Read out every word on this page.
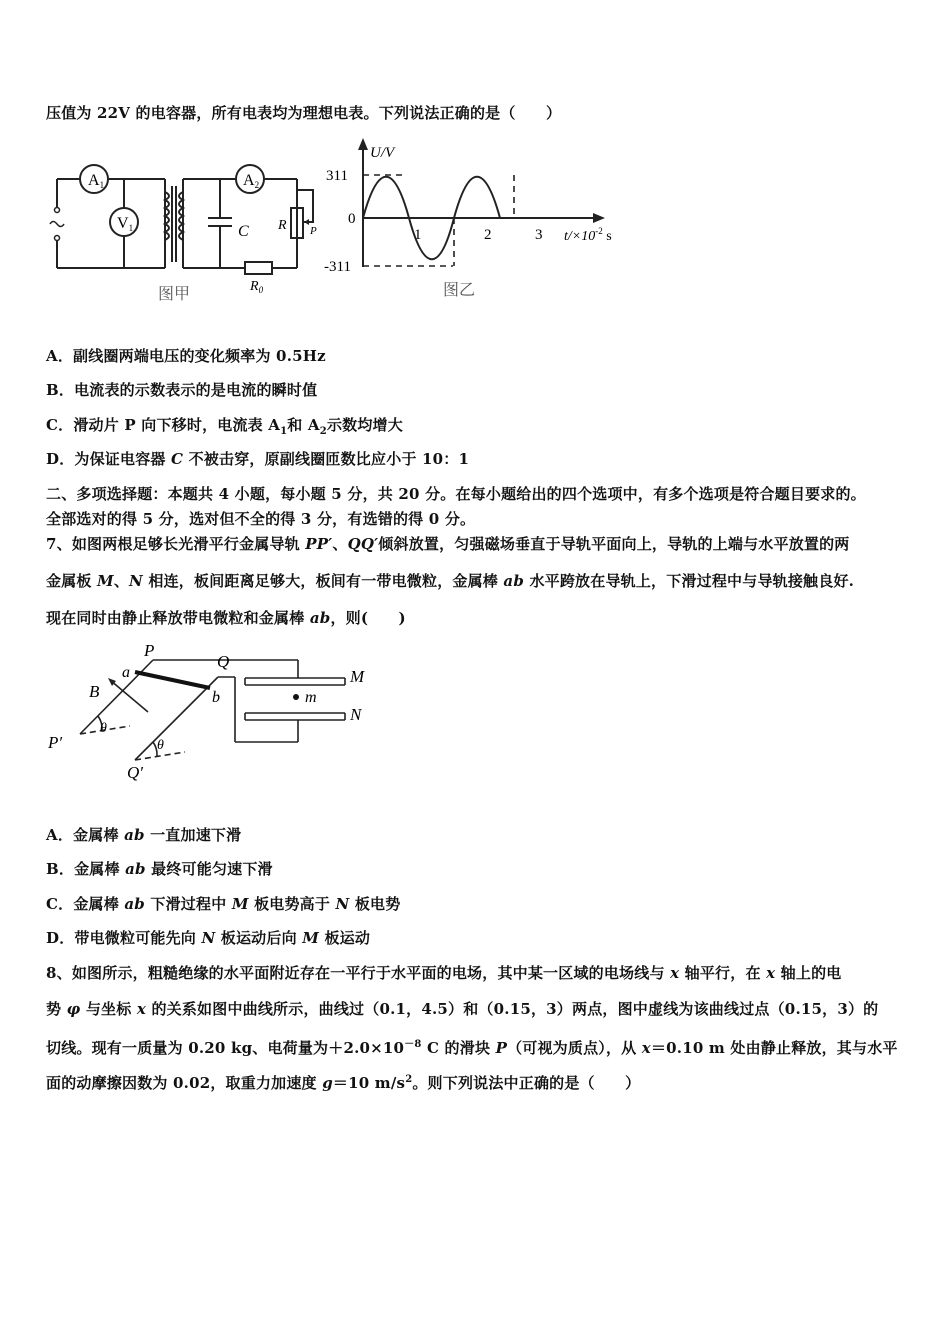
压值为 22V 的电容器，所有电表均为理想电表。下列说法正确的是（　　）
A1
V1
A2
C R P
$R_0$
图甲
U/V
311
0
-311
1	2	3 $t/\times 10^{-2}$ s
图乙
A．副线圈两端电压的变化频率为 0.5Hz
B．电流表的示数表示的是电流的瞬时值
C．滑动片 P 向下移时，电流表 $A_1$和 $A_2$示数均增大
D．为保证电容器 C 不被击穿，原副线圈匝数比应小于 10：1
二、多项选择题：本题共 4 小题，每小题 5 分，共 20 分。在每小题给出的四个选项中，有多个选项是符合题目要求的。
全部选对的得 5 分，选对但不全的得 3 分，有选错的得 0 分。
7、如图两根足够长光滑平行金属导轨 PP′、QQ′倾斜放置，匀强磁场垂直于导轨平面向上，导轨的上端与水平放置的两
金属板 M、N 相连，板间距离足够大，板间有一带电微粒，金属棒 ab 水平跨放在导轨上，下滑过程中与导轨接触良好.
现在同时由静止释放带电微粒和金属棒 ab，则(　　)
P
Q
a
b
B
θ
θ
P′
Q′
M
N
m
A．金属棒 ab 一直加速下滑
B．金属棒 ab 最终可能匀速下滑
C．金属棒 ab 下滑过程中 M 板电势高于 N 板电势
D．带电微粒可能先向 N 板运动后向 M 板运动
8、如图所示，粗糙绝缘的水平面附近存在一平行于水平面的电场，其中某一区域的电场线与 x 轴平行，在 x 轴上的电
势 φ 与坐标 x 的关系如图中曲线所示，曲线过（0.1，4.5）和（0.15，3）两点，图中虚线为该曲线过点（0.15，3）的
切线。现有一质量为 0.20 kg、电荷量为$+2.0\times 10^{-8}$ C 的滑块 P（可视为质点），从 x＝0.10 m 处由静止释放，其与水平
面的动摩擦因数为 0.02，取重力加速度 g＝10 $m/s^2$。则下列说法中正确的是（　　）
